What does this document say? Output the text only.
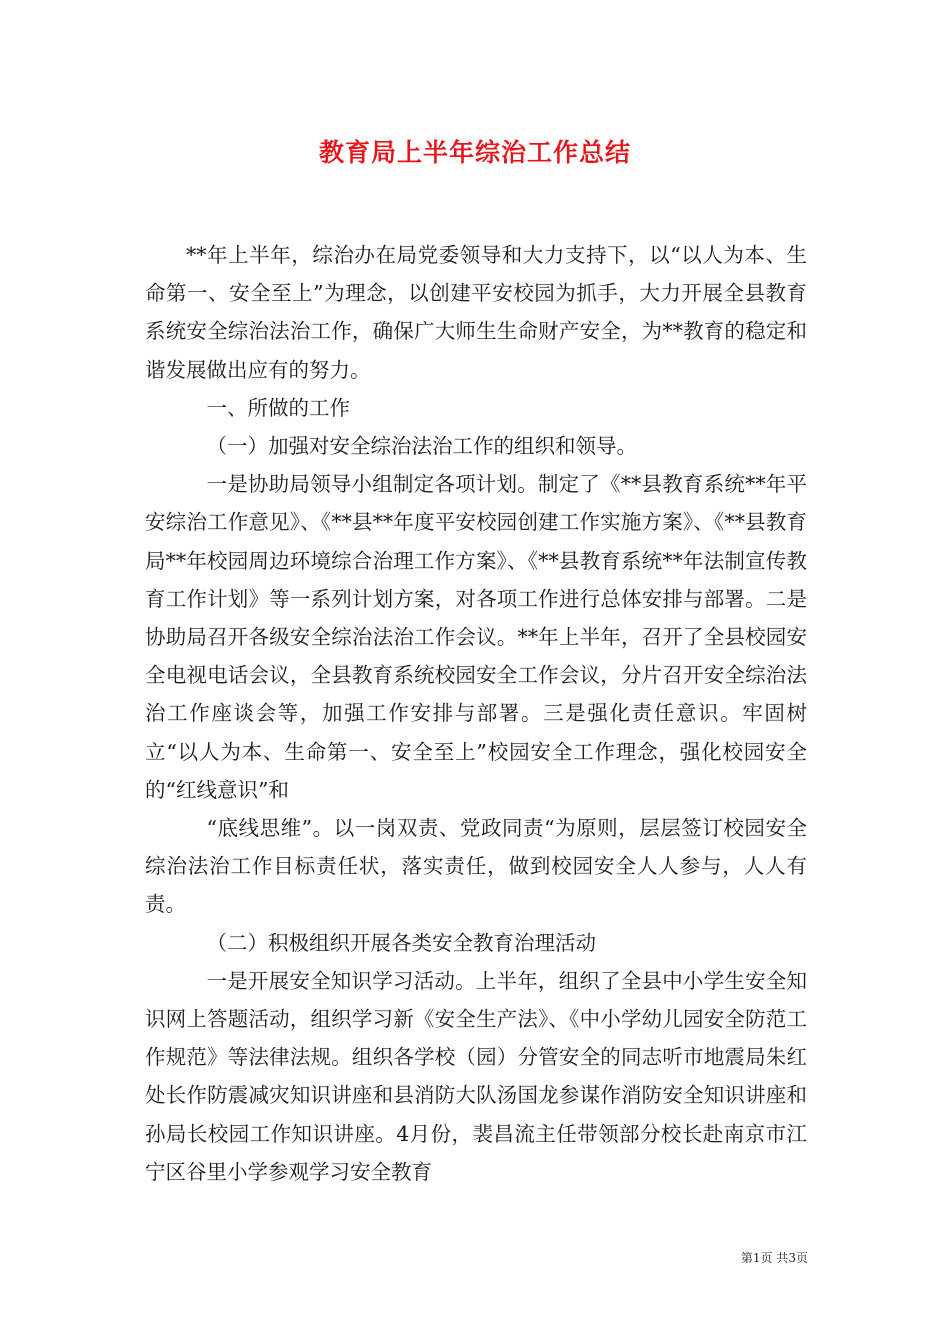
教育局上半年综治工作总结

**年上半年，综治办在局党委领导和大力支持下，以“以人为本、生命第一、安全至上”为理念，以创建平安校园为抓手，大力开展全县教育系统安全综治法治工作，确保广大师生生命财产安全，为**教育的稳定和谐发展做出应有的努力。

一、所做的工作

（一）加强对安全综治法治工作的组织和领导。

一是协助局领导小组制定各项计划。制定了《**县教育系统**年平安综治工作意见》、《**县**年度平安校园创建工作实施方案》、《**县教育局**年校园周边环境综合治理工作方案》、《**县教育系统**年法制宣传教育工作计划》等一系列计划方案，对各项工作进行总体安排与部署。二是协助局召开各级安全综治法治工作会议。**年上半年，召开了全县校园安全电视电话会议，全县教育系统校园安全工作会议，分片召开安全综治法治工作座谈会等，加强工作安排与部署。三是强化责任意识。牢固树立“以人为本、生命第一、安全至上”校园安全工作理念，强化校园安全的“红线意识”和

“底线思维”。以一岗双责、党政同责“为原则，层层签订校园安全综治法治工作目标责任状，落实责任，做到校园安全人人参与，人人有责。

（二）积极组织开展各类安全教育治理活动

一是开展安全知识学习活动。上半年，组织了全县中小学生安全知识网上答题活动，组织学习新《安全生产法》、《中小学幼儿园安全防范工作规范》等法律法规。组织各学校（园）分管安全的同志听市地震局朱红处长作防震减灾知识讲座和县消防大队汤国龙参谋作消防安全知识讲座和孙局长校园工作知识讲座。4月份，裴昌流主任带领部分校长赴南京市江宁区谷里小学参观学习安全教育

第1页 共3页
